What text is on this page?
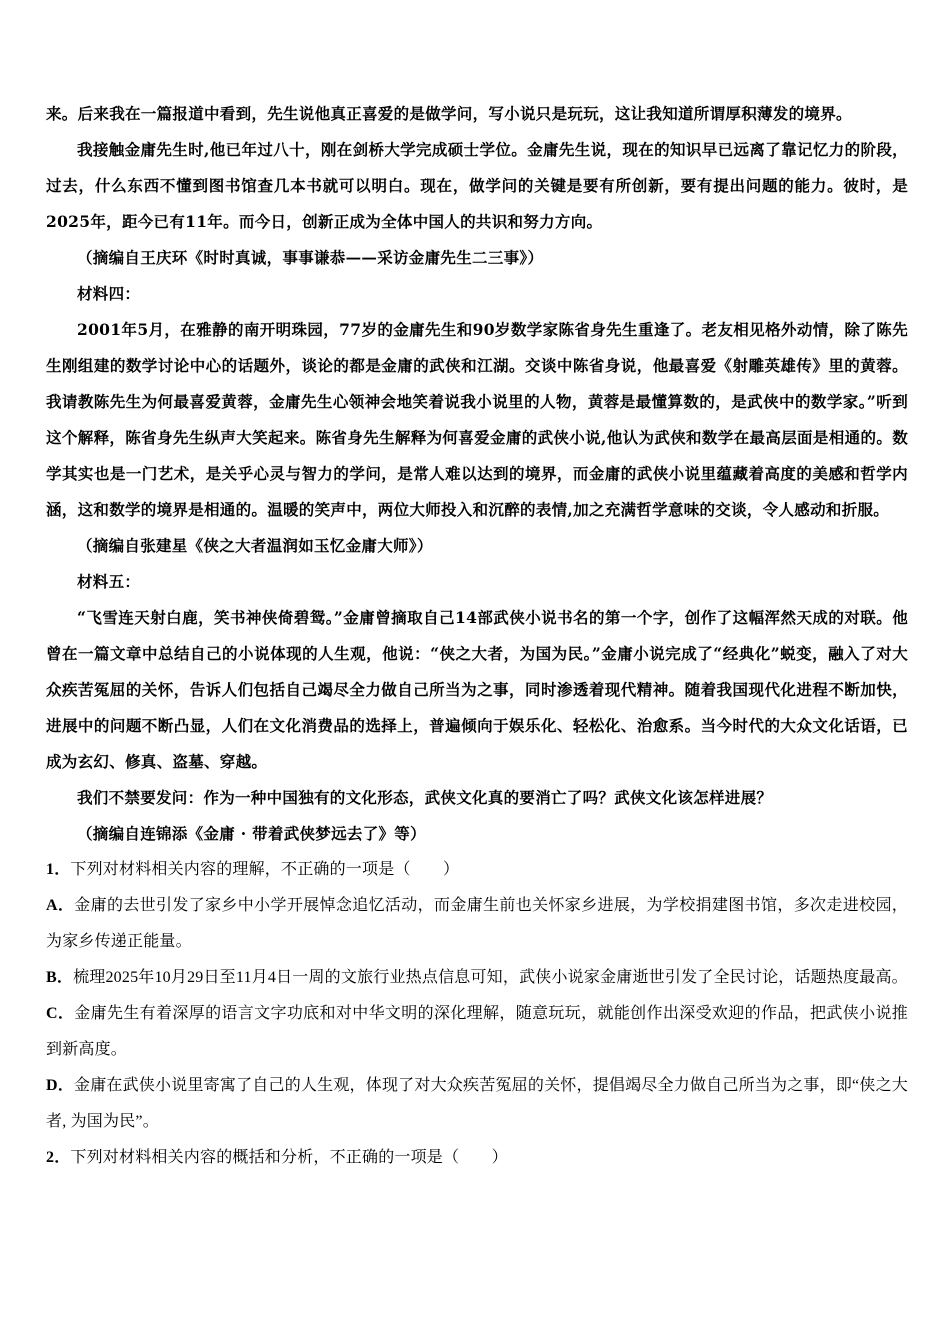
来。后来我在一篇报道中看到，先生说他真正喜爱的是做学问，写小说只是玩玩，这让我知道所谓厚积薄发的境界。

我接触金庸先生时,他已年过八十，刚在剑桥大学完成硕士学位。金庸先生说，现在的知识早已远离了靠记忆力的阶段，过去，什么东西不懂到图书馆查几本书就可以明白。现在，做学问的关键是要有所创新，要有提出问题的能力。彼时，是2025年，距今已有11年。而今日，创新正成为全体中国人的共识和努力方向。

（摘编自王庆环《时时真诚，事事谦恭——采访金庸先生二三事》）

材料四：

2001年5月，在雅静的南开明珠园，77岁的金庸先生和90岁数学家陈省身先生重逢了。老友相见格外动情，除了陈先生刚组建的数学讨论中心的话题外，谈论的都是金庸的武侠和江湖。交谈中陈省身说，他最喜爱《射雕英雄传》里的黄蓉。我请教陈先生为何最喜爱黄蓉，金庸先生心领神会地笑着说我小说里的人物，黄蓉是最懂算数的，是武侠中的数学家。”听到这个解释，陈省身先生纵声大笑起来。陈省身先生解释为何喜爱金庸的武侠小说,他认为武侠和数学在最高层面是相通的。数学其实也是一门艺术，是关乎心灵与智力的学问，是常人难以达到的境界，而金庸的武侠小说里蕴藏着高度的美感和哲学内涵，这和数学的境界是相通的。温暖的笑声中，两位大师投入和沉醉的表情,加之充满哲学意味的交谈，令人感动和折服。

（摘编自张建星《侠之大者温润如玉忆金庸大师》）

材料五：

“飞雪连天射白鹿，笑书神侠倚碧鸳。”金庸曾摘取自己14部武侠小说书名的第一个字，创作了这幅浑然天成的对联。他曾在一篇文章中总结自己的小说体现的人生观，他说：“侠之大者，为国为民。”金庸小说完成了“经典化”蜕变，融入了对大众疾苦冤屈的关怀，告诉人们包括自己竭尽全力做自己所当为之事，同时渗透着现代精神。随着我国现代化进程不断加快，进展中的问题不断凸显，人们在文化消费品的选择上，普遍倾向于娱乐化、轻松化、治愈系。当今时代的大众文化话语，已成为玄幻、修真、盗墓、穿越。

我们不禁要发问：作为一种中国独有的文化形态，武侠文化真的要消亡了吗？武侠文化该怎样进展？

（摘编自连锦添《金庸 · 带着武侠梦远去了》等）

1．下列对材料相关内容的理解，不正确的一项是（　　）

A．金庸的去世引发了家乡中小学开展悼念追忆活动，而金庸生前也关怀家乡进展，为学校捐建图书馆，多次走进校园，为家乡传递正能量。

B．梳理2025年10月29日至11月4日一周的文旅行业热点信息可知，武侠小说家金庸逝世引发了全民讨论，话题热度最高。

C．金庸先生有着深厚的语言文字功底和对中华文明的深化理解，随意玩玩，就能创作出深受欢迎的作品，把武侠小说推到新高度。

D．金庸在武侠小说里寄寓了自己的人生观，体现了对大众疾苦冤屈的关怀，提倡竭尽全力做自己所当为之事，即“侠之大者, 为国为民”。

2．下列对材料相关内容的概括和分析，不正确的一项是（　　）
